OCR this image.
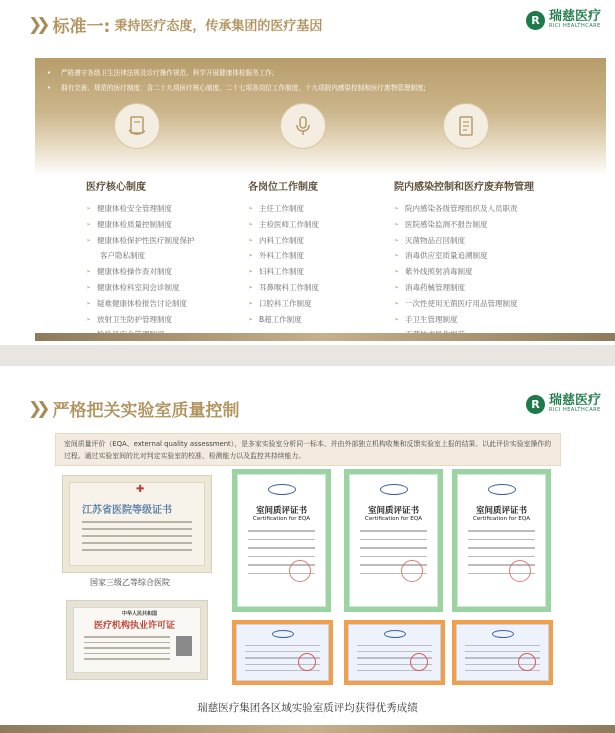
❯❯ 标准一: 秉持医疗态度，传承集团的医疗基因	R 瑞慈医疗
RICI HEALTHCARE
• 严格遵守各级卫生法律法规及诊疗操作规范、科学开展健康体检服务工作;
• 拥有完善、规范的医疗制度：含二十九项医疗核心制度、二十七项各岗位工作制度、十九项院内感染控制和医疗废物管理制度;
医疗核心制度
➢ 健康体检安全管理制度
➢ 健康体检质量控制制度
➢ 健康体检保护性医疗制度保护
客户隐私制度
➢ 健康体检操作查对制度
➢ 健康体检科室间会诊制度
➢ 疑难健康体检报告讨论制度
➢ 放射卫生防护管理制度
各岗位工作制度
➢ 主任工作制度
➢ 主检医师工作制度
➢ 内科工作制度
➢ 外科工作制度
➢ 妇科工作制度
➢ 耳鼻喉科工作制度
➢ 口腔科工作制度
➢ B超工作制度
院内感染控制和医疗废弃物管理
➢ 院内感染各级管理组织及人员职责
➢ 医院感染监测不报告制度
➢ 灭菌物品召回制度
➢ 消毒供应室质量追溯制度
➢ 紫外线照射消毒制度
➢ 消毒药械管理制度
➢ 一次性使用无菌医疗用品管理制度
➢ 手卫生管理制度
❯❯ 严格把关实验室质量控制	R 瑞慈医疗
RICI HEALTHCARE
室间质量评价（EQA、external quality assessment），是多家实验室分析同一标本、并由外部独立机构收集和反馈实验室上报的结果、以此评价实验室操作的过程。通过实验室间的比对判定实验室的校准、检测能力以及监控其持续能力。
✚
江苏省医院等级证书
国家三级乙等综合医院
中华人民共和国
医疗机构执业许可证
室间质评证书
Certification for EQA
室间质评证书
Certification for EQA
室间质评证书
Certification for EQA
瑞慈医疗集团各区域实验室质评均获得优秀成绩
